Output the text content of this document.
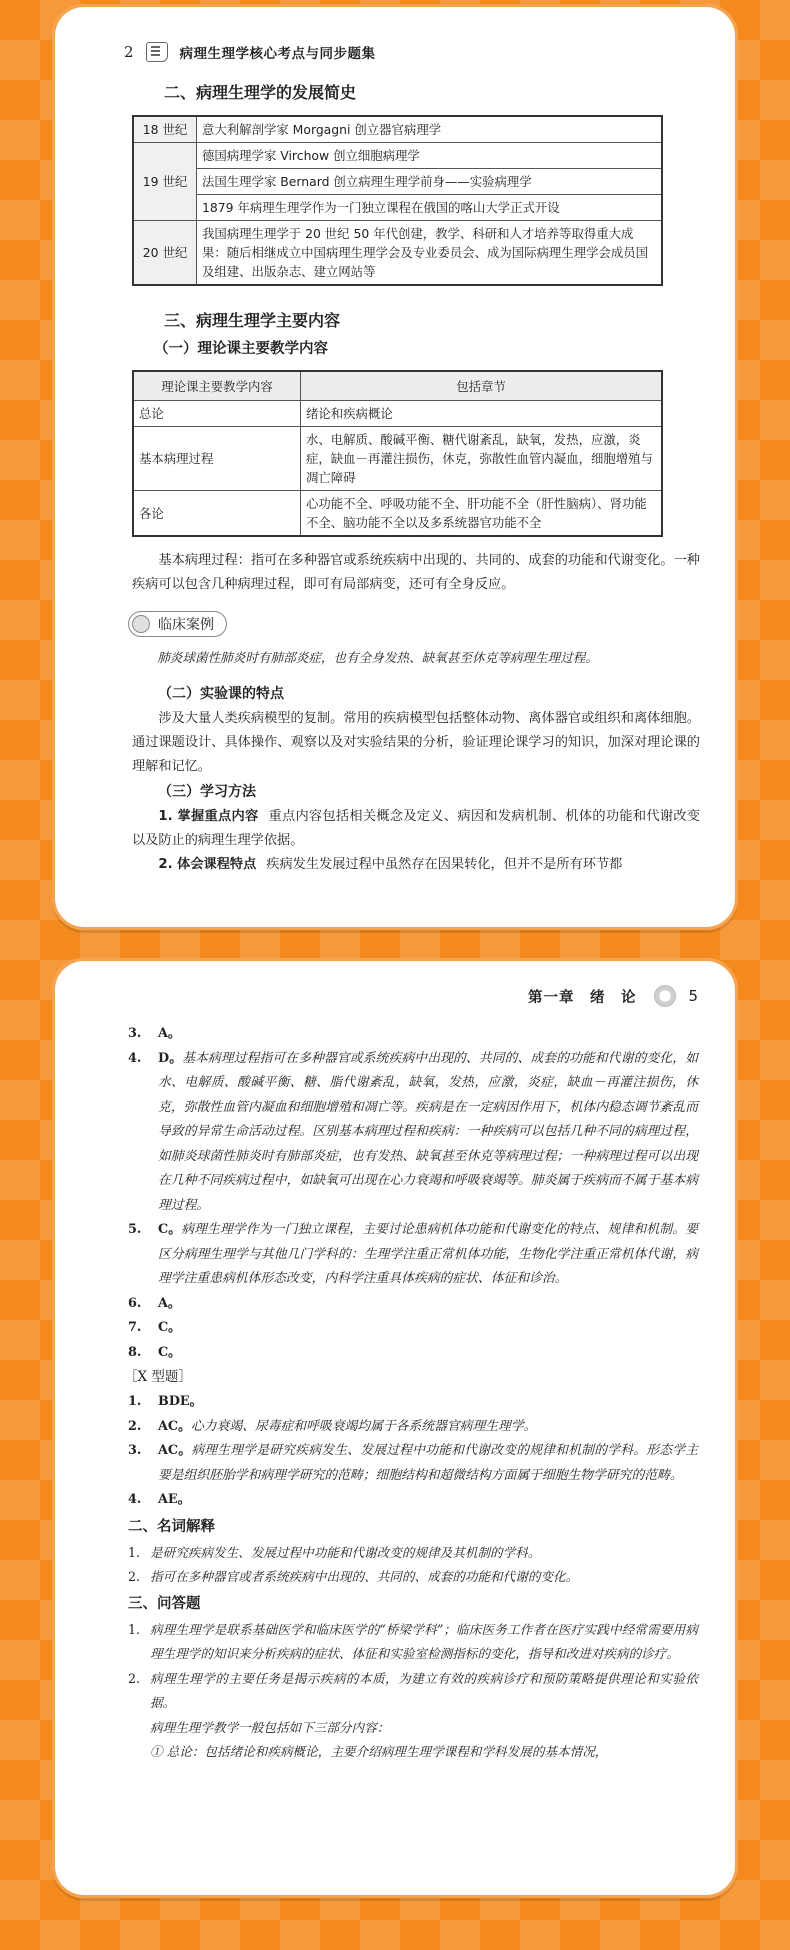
2	病理生理学核心考点与同步题集
二、病理生理学的发展简史
18 世纪	意大利解剖学家 Morgagni 创立器官病理学
19 世纪	德国病理学家 Virchow 创立细胞病理学
	法国生理学家 Bernard 创立病理生理学前身——实验病理学
	1879 年病理生理学作为一门独立课程在俄国的喀山大学正式开设
20 世纪	我国病理生理学于 20 世纪 50 年代创建，教学、科研和人才培养等取得重大成果：随后相继成立中国病理生理学会及专业委员会、成为国际病理生理学会成员国及组建、出版杂志、建立网站等
三、病理生理学主要内容
（一）理论课主要教学内容
理论课主要教学内容	包括章节
总论	绪论和疾病概论
基本病理过程	水、电解质、酸碱平衡、糖代谢紊乱，缺氧，发热，应激，炎症，缺血－再灌注损伤，休克，弥散性血管内凝血，细胞增殖与凋亡障碍
各论	心功能不全、呼吸功能不全、肝功能不全（肝性脑病）、肾功能不全、脑功能不全以及多系统器官功能不全

基本病理过程：指可在多种器官或系统疾病中出现的、共同的、成套的功能和代谢变化。一种疾病可以包含几种病理过程，即可有局部病变，还可有全身反应。

临床案例

肺炎球菌性肺炎时有肺部炎症，也有全身发热、缺氧甚至休克等病理生理过程。

（二）实验课的特点

涉及大量人类疾病模型的复制。常用的疾病模型包括整体动物、离体器官或组织和离体细胞。通过课题设计、具体操作、观察以及对实验结果的分析，验证理论课学习的知识，加深对理论课的理解和记忆。

（三）学习方法

1. 掌握重点内容 重点内容包括相关概念及定义、病因和发病机制、机体的功能和代谢改变以及防止的病理生理学依据。

2. 体会课程特点 疾病发生发展过程中虽然存在因果转化，但并不是所有环节都

第一章　绪　论	5
3.	A。
4.	D。基本病理过程指可在多种器官或系统疾病中出现的、共同的、成套的功能和代谢的变化，如水、电解质、酸碱平衡、糖、脂代谢紊乱，缺氧，发热，应激，炎症，缺血－再灌注损伤，休克，弥散性血管内凝血和细胞增殖和凋亡等。疾病是在一定病因作用下，机体内稳态调节紊乱而导致的异常生命活动过程。区别基本病理过程和疾病：一种疾病可以包括几种不同的病理过程，如肺炎球菌性肺炎时有肺部炎症，也有发热、缺氧甚至休克等病理过程；一种病理过程可以出现在几种不同疾病过程中，如缺氧可出现在心力衰竭和呼吸衰竭等。肺炎属于疾病而不属于基本病理过程。
5.	C。病理生理学作为一门独立课程，主要讨论患病机体功能和代谢变化的特点、规律和机制。要区分病理生理学与其他几门学科的：生理学注重正常机体功能，生物化学注重正常机体代谢，病理学注重患病机体形态改变，内科学注重具体疾病的症状、体征和诊治。
6.	A。
7.	C。
8.	C。
［X 型题］
1.	BDE。
2.	AC。心力衰竭、尿毒症和呼吸衰竭均属于各系统器官病理生理学。
3.	AC。病理生理学是研究疾病发生、发展过程中功能和代谢改变的规律和机制的学科。形态学主要是组织胚胎学和病理学研究的范畴；细胞结构和超微结构方面属于细胞生物学研究的范畴。
4.	AE。
二、名词解释
1. 是研究疾病发生、发展过程中功能和代谢改变的规律及其机制的学科。
2. 指可在多种器官或者系统疾病中出现的、共同的、成套的功能和代谢的变化。
三、问答题
1. 病理生理学是联系基础医学和临床医学的“桥梁学科”；临床医务工作者在医疗实践中经常需要用病理生理学的知识来分析疾病的症状、体征和实验室检测指标的变化，指导和改进对疾病的诊疗。
2. 病理生理学的主要任务是揭示疾病的本质，为建立有效的疾病诊疗和预防策略提供理论和实验依据。
病理生理学教学一般包括如下三部分内容：
① 总论：包括绪论和疾病概论，主要介绍病理生理学课程和学科发展的基本情况，
